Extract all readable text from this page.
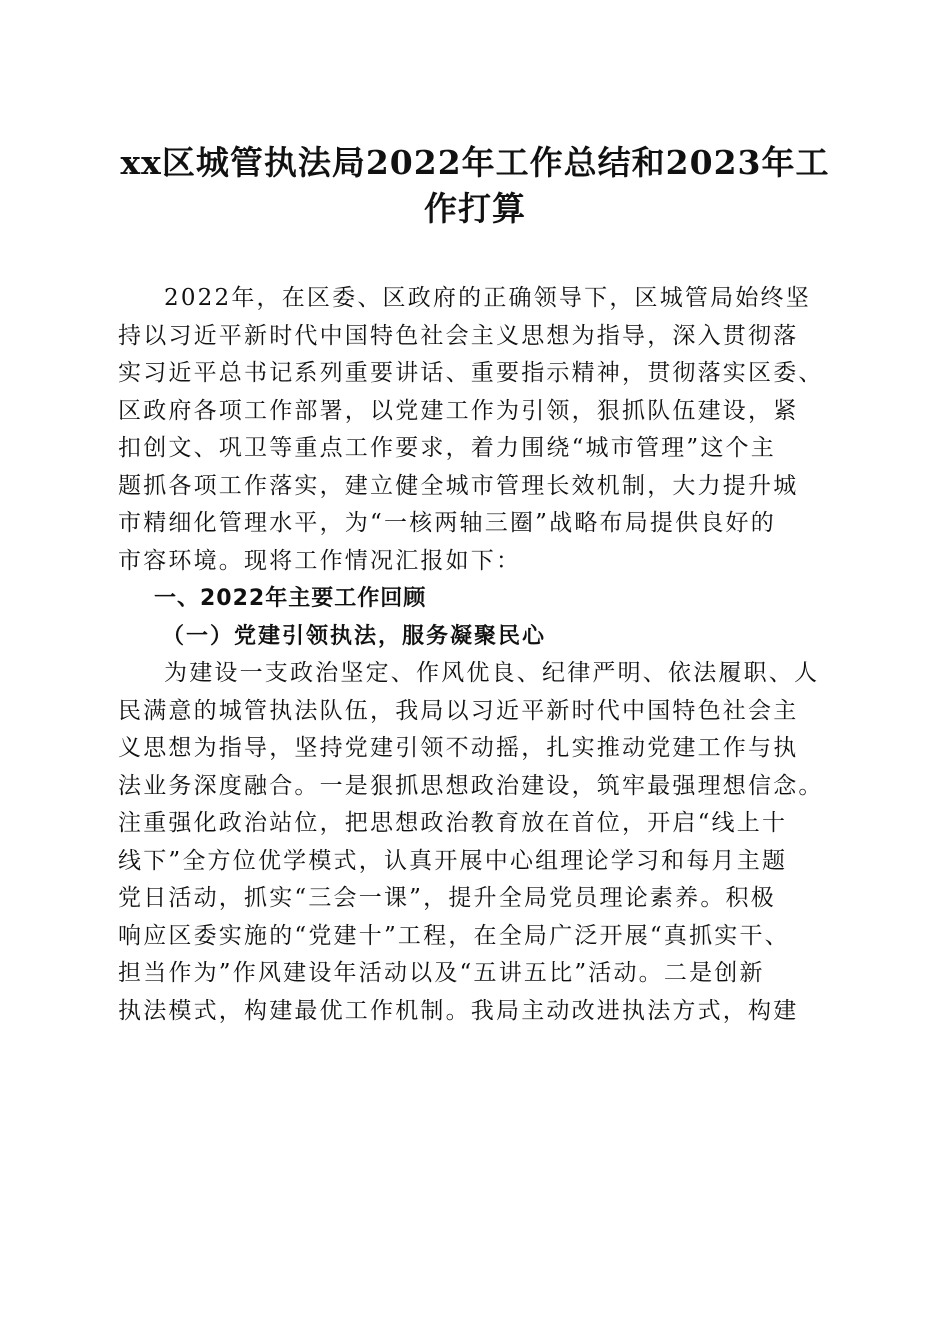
xx区城管执法局2022年工作总结和2023年工
作打算

2022年，在区委、区政府的正确领导下，区城管局始终坚
持以习近平新时代中国特色社会主义思想为指导，深入贯彻落
实习近平总书记系列重要讲话、重要指示精神，贯彻落实区委、
区政府各项工作部署，以党建工作为引领，狠抓队伍建设，紧
扣创文、巩卫等重点工作要求，着力围绕“城市管理”这个主
题抓各项工作落实，建立健全城市管理长效机制，大力提升城
市精细化管理水平，为“一核两轴三圈”战略布局提供良好的
市容环境。现将工作情况汇报如下：

一、2022年主要工作回顾
（一）党建引领执法，服务凝聚民心

为建设一支政治坚定、作风优良、纪律严明、依法履职、人
民满意的城管执法队伍，我局以习近平新时代中国特色社会主
义思想为指导，坚持党建引领不动摇，扎实推动党建工作与执
法业务深度融合。一是狠抓思想政治建设，筑牢最强理想信念。
注重强化政治站位，把思想政治教育放在首位，开启“线上十
线下”全方位优学模式，认真开展中心组理论学习和每月主题
党日活动，抓实“三会一课”，提升全局党员理论素养。积极
响应区委实施的“党建十”工程，在全局广泛开展“真抓实干、
担当作为”作风建设年活动以及“五讲五比”活动。二是创新
执法模式，构建最优工作机制。我局主动改进执法方式，构建
